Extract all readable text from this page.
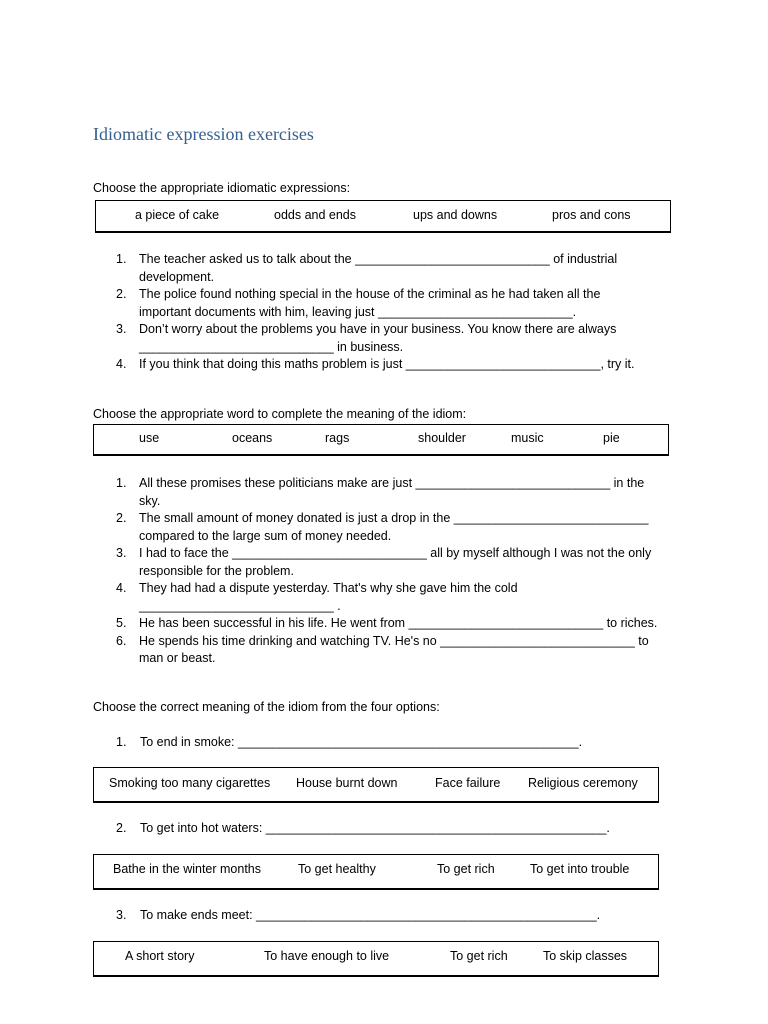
Idiomatic expression exercises
Choose the appropriate idiomatic expressions:
a piece of cake	odds and ends	ups and downs	pros and cons
1. The teacher asked us to talk about the ____________________________ of industrial
development.
2. The police found nothing special in the house of the criminal as he had taken all the
important documents with him, leaving just ____________________________.
3. Don’t worry about the problems you have in your business. You know there are always
____________________________ in business.
4. If you think that doing this maths problem is just ____________________________, try it.
Choose the appropriate word to complete the meaning of the idiom:
use	oceans	rags	shoulder	music	pie
1. All these promises these politicians make are just ____________________________ in the
sky.
2. The small amount of money donated is just a drop in the ____________________________
compared to the large sum of money needed.
3. I had to face the ____________________________ all by myself although I was not the only
responsible for the problem.
4. They had had a dispute yesterday. That's why she gave him the cold
____________________________ .
5. He has been successful in his life. He went from ____________________________ to riches.
6. He spends his time drinking and watching TV. He's no ____________________________ to
man or beast.
Choose the correct meaning of the idiom from the four options:
1. To end in smoke: _________________________________________________.
Smoking too many cigarettes House burnt down	Face failure Religious ceremony
2. To get into hot waters: _________________________________________________.
Bathe in the winter months	To get healthy	To get rich	To get into trouble
3. To make ends meet: _________________________________________________.
A short story	To have enough to live	To get rich	To skip classes
